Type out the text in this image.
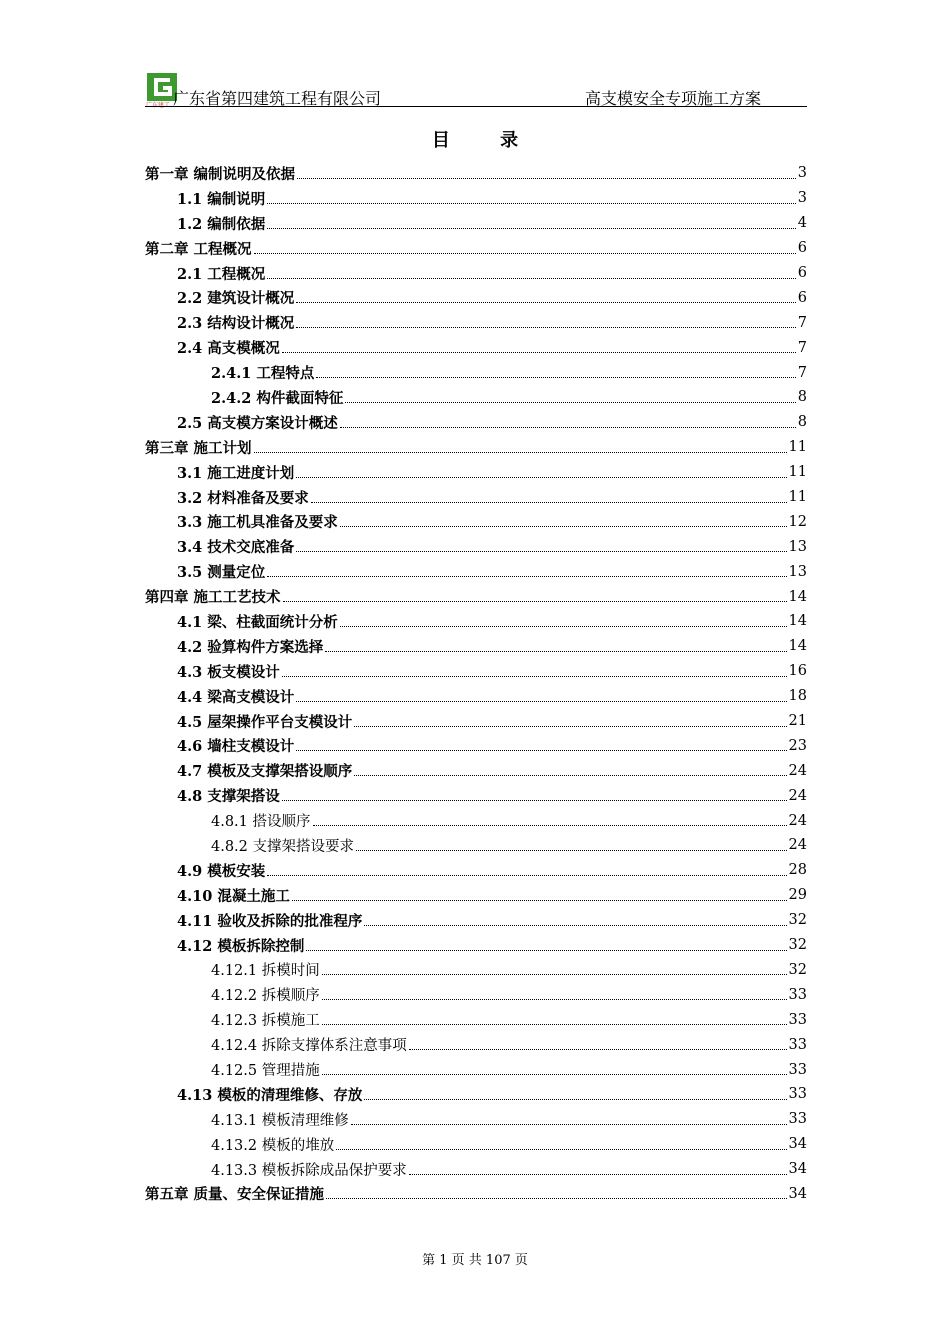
广东建工 广东省第四建筑工程有限公司	高支模安全专项施工方案
目 录
第一章 编制说明及依据	3
1.1 编制说明	3
1.2 编制依据	4
第二章 工程概况	6
2.1 工程概况	6
2.2 建筑设计概况	6
2.3 结构设计概况	7
2.4 高支模概况	7
2.4.1 工程特点	7
2.4.2 构件截面特征	8
2.5 高支模方案设计概述	8
第三章 施工计划	11
3.1 施工进度计划	11
3.2 材料准备及要求	11
3.3 施工机具准备及要求	12
3.4 技术交底准备	13
3.5 测量定位	13
第四章 施工工艺技术	14
4.1 梁、柱截面统计分析	14
4.2 验算构件方案选择	14
4.3 板支模设计	16
4.4 梁高支模设计	18
4.5 屋架操作平台支模设计	21
4.6 墙柱支模设计	23
4.7 模板及支撑架搭设顺序	24
4.8 支撑架搭设	24
4.8.1 搭设顺序	24
4.8.2 支撑架搭设要求	24
4.9 模板安装	28
4.10 混凝土施工	29
4.11 验收及拆除的批准程序	32
4.12 模板拆除控制	32
4.12.1 拆模时间	32
4.12.2 拆模顺序	33
4.12.3 拆模施工	33
4.12.4 拆除支撑体系注意事项	33
4.12.5 管理措施	33
4.13 模板的清理维修、存放	33
4.13.1 模板清理维修	33
4.13.2 模板的堆放	34
4.13.3 模板拆除成品保护要求	34
第五章 质量、安全保证措施	34
第 1 页 共 107 页
